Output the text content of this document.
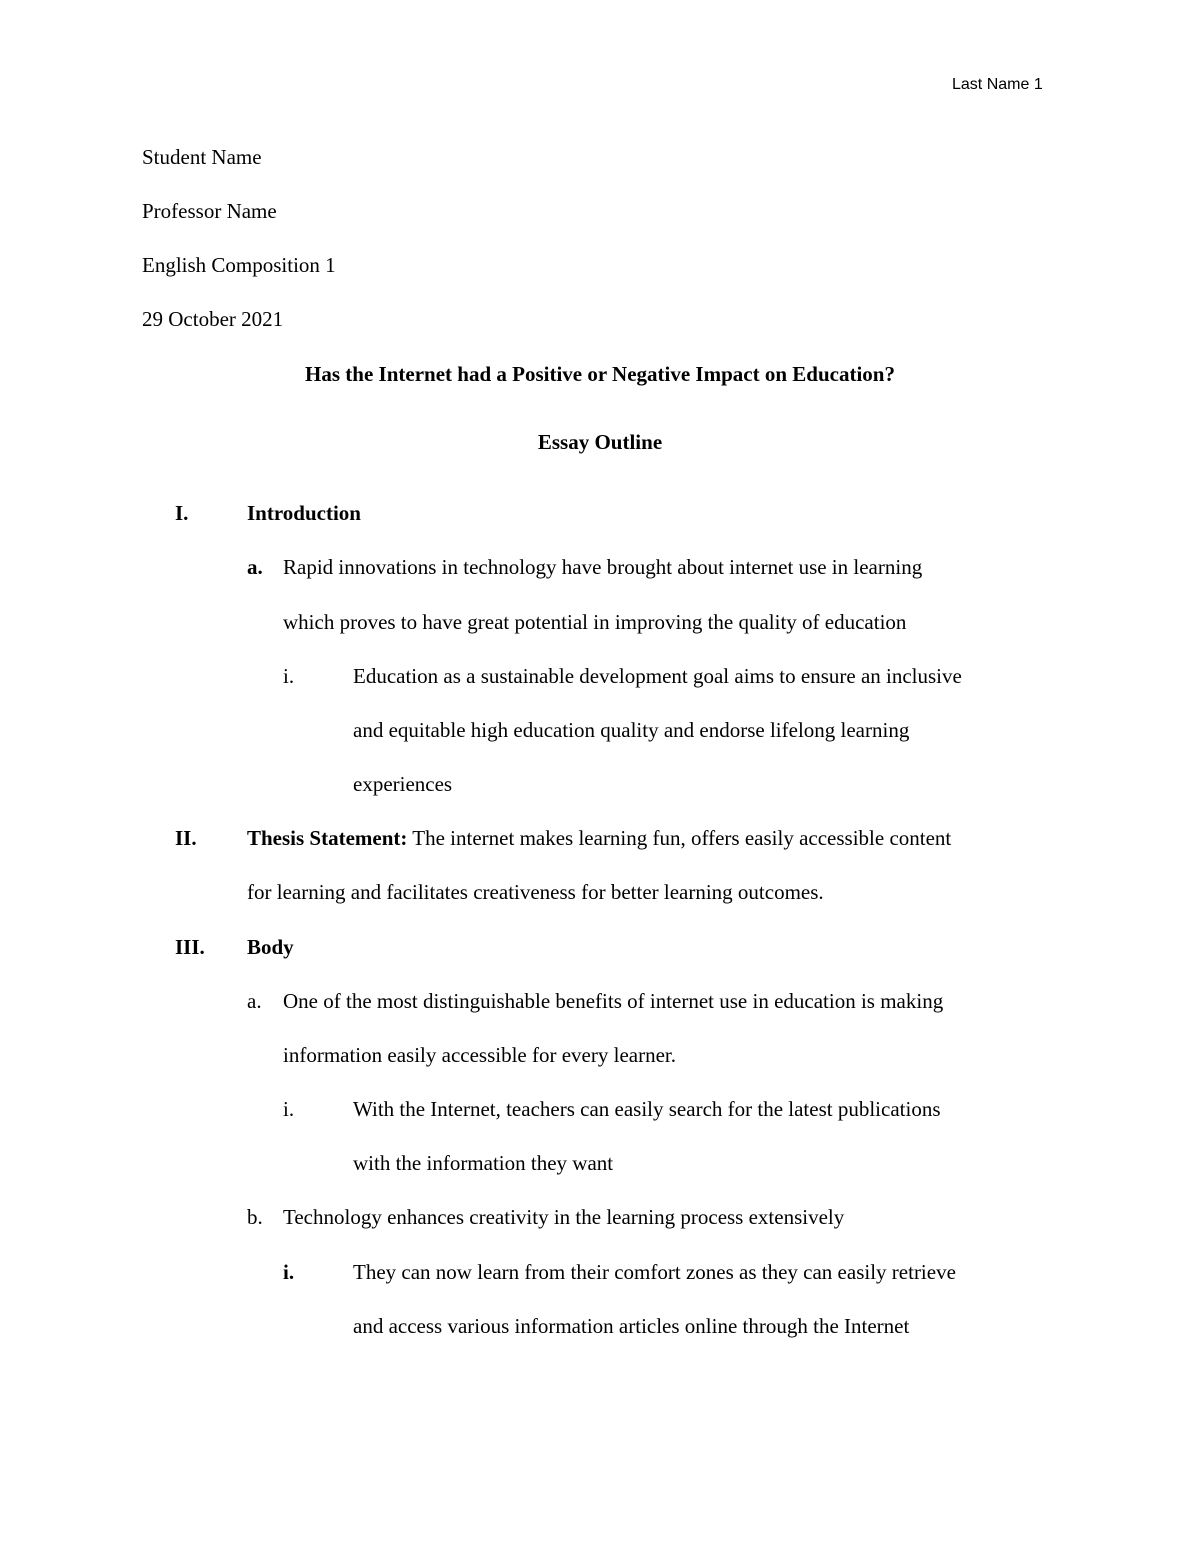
Last Name 1
Student Name
Professor Name
English Composition 1
29 October 2021
Has the Internet had a Positive or Negative Impact on Education?
Essay Outline
I.	Introduction
a. Rapid innovations in technology have brought about internet use in learning
which proves to have great potential in improving the quality of education
i.	Education as a sustainable development goal aims to ensure an inclusive
and equitable high education quality and endorse lifelong learning
experiences
II. Thesis Statement: The internet makes learning fun, offers easily accessible content
for learning and facilitates creativeness for better learning outcomes.
III. Body
a. One of the most distinguishable benefits of internet use in education is making
information easily accessible for every learner.
i.	With the Internet, teachers can easily search for the latest publications
with the information they want
b. Technology enhances creativity in the learning process extensively
i.	They can now learn from their comfort zones as they can easily retrieve
and access various information articles online through the Internet
